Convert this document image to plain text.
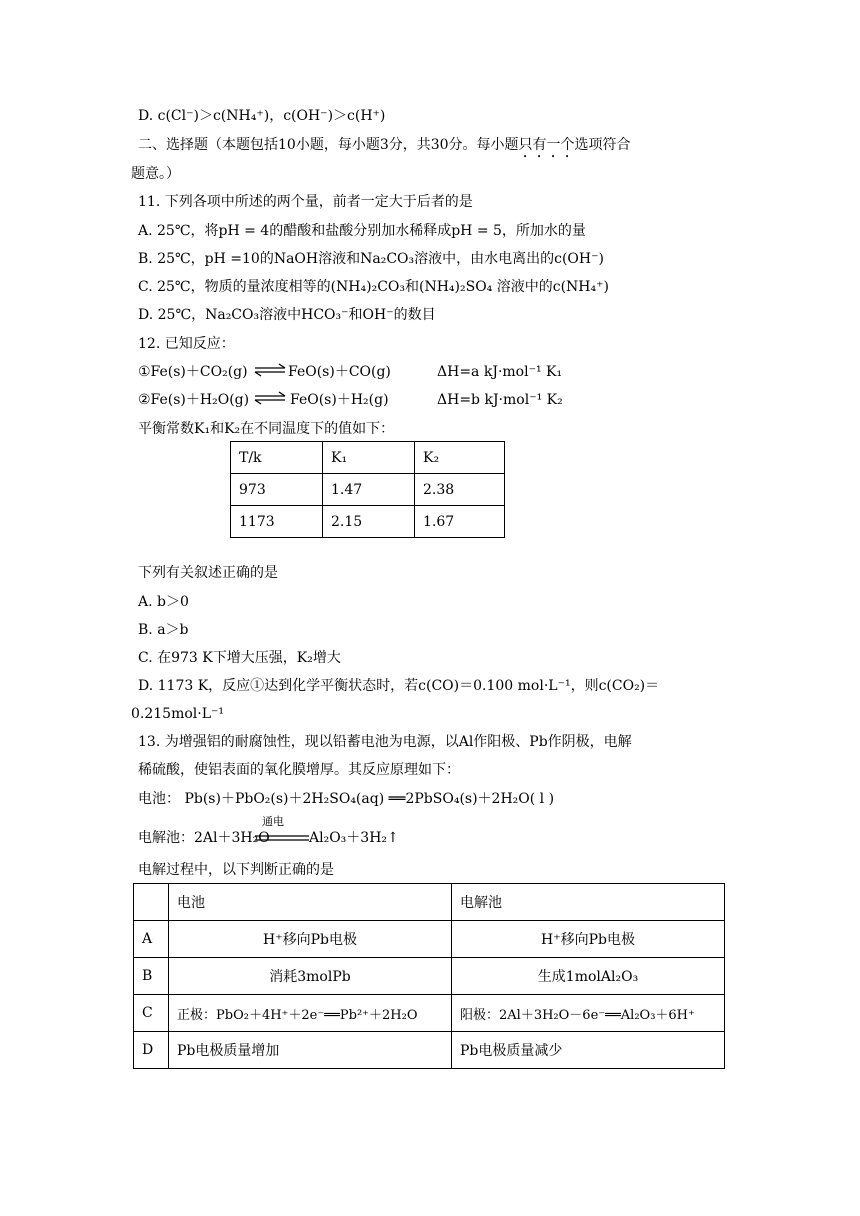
D. c(Cl⁻)＞c(NH₄⁺)，c(OH⁻)＞c(H⁺)
二、选择题（本题包括10小题，每小题3分，共30分。每小题只有一个选项符合
题意。）
11. 下列各项中所述的两个量，前者一定大于后者的是
A. 25℃，将pH = 4的醋酸和盐酸分别加水稀释成pH = 5，所加水的量
B. 25℃，pH =10的NaOH溶液和Na₂CO₃溶液中，由水电离出的c(OH⁻)
C. 25℃，物质的量浓度相等的(NH₄)₂CO₃和(NH₄)₂SO₄ 溶液中的c(NH₄⁺)
D. 25℃，Na₂CO₃溶液中HCO₃⁻和OH⁻的数目
12. 已知反应：
①Fe(s)＋CO₂(g) ⇌ FeO(s)＋CO(g)	ΔH=a kJ·mol⁻¹ K₁
②Fe(s)＋H₂O(g) ⇌ FeO(s)＋H₂(g)	ΔH=b kJ·mol⁻¹ K₂
平衡常数K₁和K₂在不同温度下的值如下：
T/k	K₁	K₂
973	1.47	2.38
1173	2.15	1.67
下列有关叙述正确的是
A. b＞0
B. a＞b
C. 在973 K下增大压强，K₂增大
D. 1173 K，反应①达到化学平衡状态时，若c(CO)＝0.100 mol·L⁻¹，则c(CO₂)＝
0.215mol·L⁻¹
13. 为增强铝的耐腐蚀性，现以铅蓄电池为电源，以Al作阳极、Pb作阴极，电解
稀硫酸，使铝表面的氧化膜增厚。其反应原理如下：
电池： Pb(s)＋PbO₂(s)＋2H₂SO₄(aq) ══2PbSO₄(s)＋2H₂O( l )
电解池：2Al＋3H₂O
通电
Al₂O₃＋3H₂↑
电解过程中，以下判断正确的是
	电池	电解池
A	H⁺移向Pb电极	H⁺移向Pb电极
B	消耗3molPb	生成1molAl₂O₃
C	正极：PbO₂＋4H⁺＋2e⁻══Pb²⁺＋2H₂O	阳极：2Al＋3H₂O－6e⁻══Al₂O₃＋6H⁺
D	Pb电极质量增加	Pb电极质量减少
